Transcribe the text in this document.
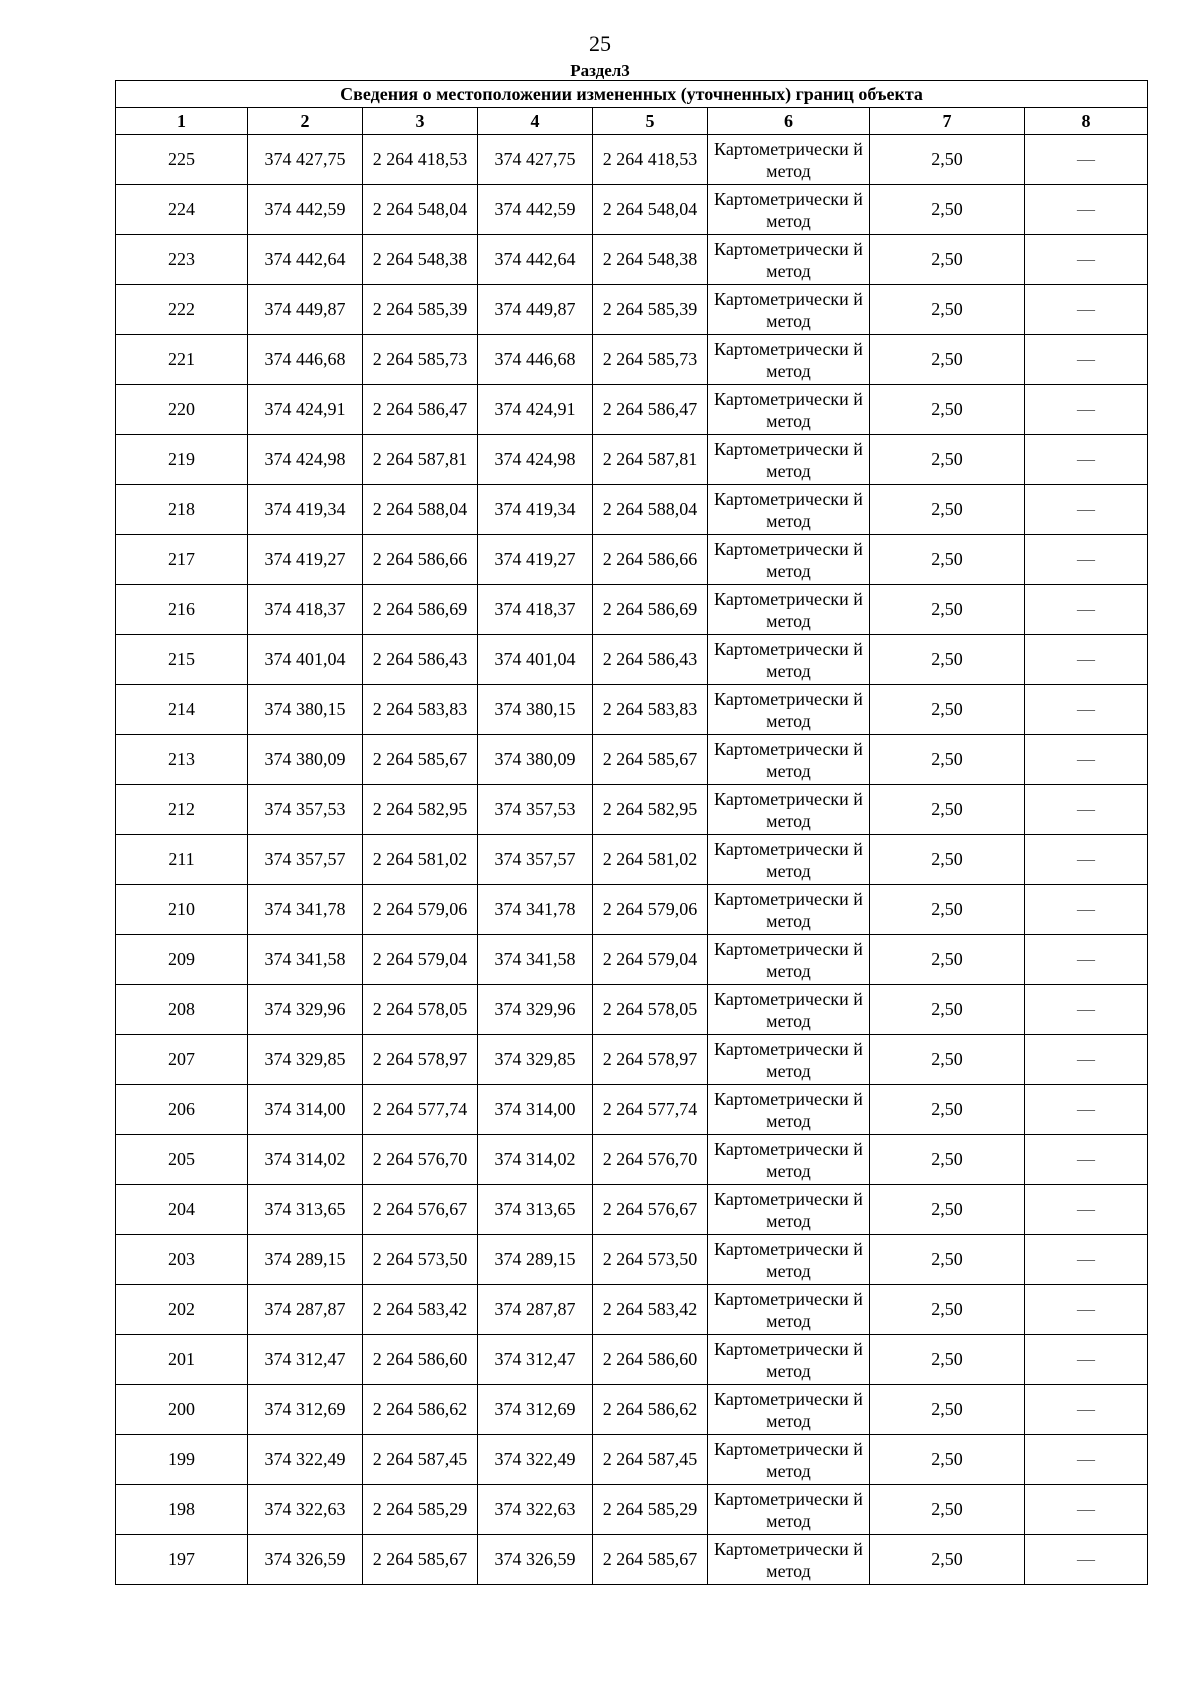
25
Раздел3
Сведения о местоположении измененных (уточненных) границ объекта							
1	2	3	4	5	6	7	8
225	374 427,75	2 264 418,53	374 427,75	2 264 418,53	Картометрически й метод	2,50	—
224	374 442,59	2 264 548,04	374 442,59	2 264 548,04	Картометрически й метод	2,50	—
223	374 442,64	2 264 548,38	374 442,64	2 264 548,38	Картометрически й метод	2,50	—
222	374 449,87	2 264 585,39	374 449,87	2 264 585,39	Картометрически й метод	2,50	—
221	374 446,68	2 264 585,73	374 446,68	2 264 585,73	Картометрически й метод	2,50	—
220	374 424,91	2 264 586,47	374 424,91	2 264 586,47	Картометрически й метод	2,50	—
219	374 424,98	2 264 587,81	374 424,98	2 264 587,81	Картометрически й метод	2,50	—
218	374 419,34	2 264 588,04	374 419,34	2 264 588,04	Картометрически й метод	2,50	—
217	374 419,27	2 264 586,66	374 419,27	2 264 586,66	Картометрически й метод	2,50	—
216	374 418,37	2 264 586,69	374 418,37	2 264 586,69	Картометрически й метод	2,50	—
215	374 401,04	2 264 586,43	374 401,04	2 264 586,43	Картометрически й метод	2,50	—
214	374 380,15	2 264 583,83	374 380,15	2 264 583,83	Картометрически й метод	2,50	—
213	374 380,09	2 264 585,67	374 380,09	2 264 585,67	Картометрически й метод	2,50	—
212	374 357,53	2 264 582,95	374 357,53	2 264 582,95	Картометрически й метод	2,50	—
211	374 357,57	2 264 581,02	374 357,57	2 264 581,02	Картометрически й метод	2,50	—
210	374 341,78	2 264 579,06	374 341,78	2 264 579,06	Картометрически й метод	2,50	—
209	374 341,58	2 264 579,04	374 341,58	2 264 579,04	Картометрически й метод	2,50	—
208	374 329,96	2 264 578,05	374 329,96	2 264 578,05	Картометрически й метод	2,50	—
207	374 329,85	2 264 578,97	374 329,85	2 264 578,97	Картометрически й метод	2,50	—
206	374 314,00	2 264 577,74	374 314,00	2 264 577,74	Картометрически й метод	2,50	—
205	374 314,02	2 264 576,70	374 314,02	2 264 576,70	Картометрически й метод	2,50	—
204	374 313,65	2 264 576,67	374 313,65	2 264 576,67	Картометрически й метод	2,50	—
203	374 289,15	2 264 573,50	374 289,15	2 264 573,50	Картометрически й метод	2,50	—
202	374 287,87	2 264 583,42	374 287,87	2 264 583,42	Картометрически й метод	2,50	—
201	374 312,47	2 264 586,60	374 312,47	2 264 586,60	Картометрически й метод	2,50	—
200	374 312,69	2 264 586,62	374 312,69	2 264 586,62	Картометрически й метод	2,50	—
199	374 322,49	2 264 587,45	374 322,49	2 264 587,45	Картометрически й метод	2,50	—
198	374 322,63	2 264 585,29	374 322,63	2 264 585,29	Картометрически й метод	2,50	—
197	374 326,59	2 264 585,67	374 326,59	2 264 585,67	Картометрически й метод	2,50	—
